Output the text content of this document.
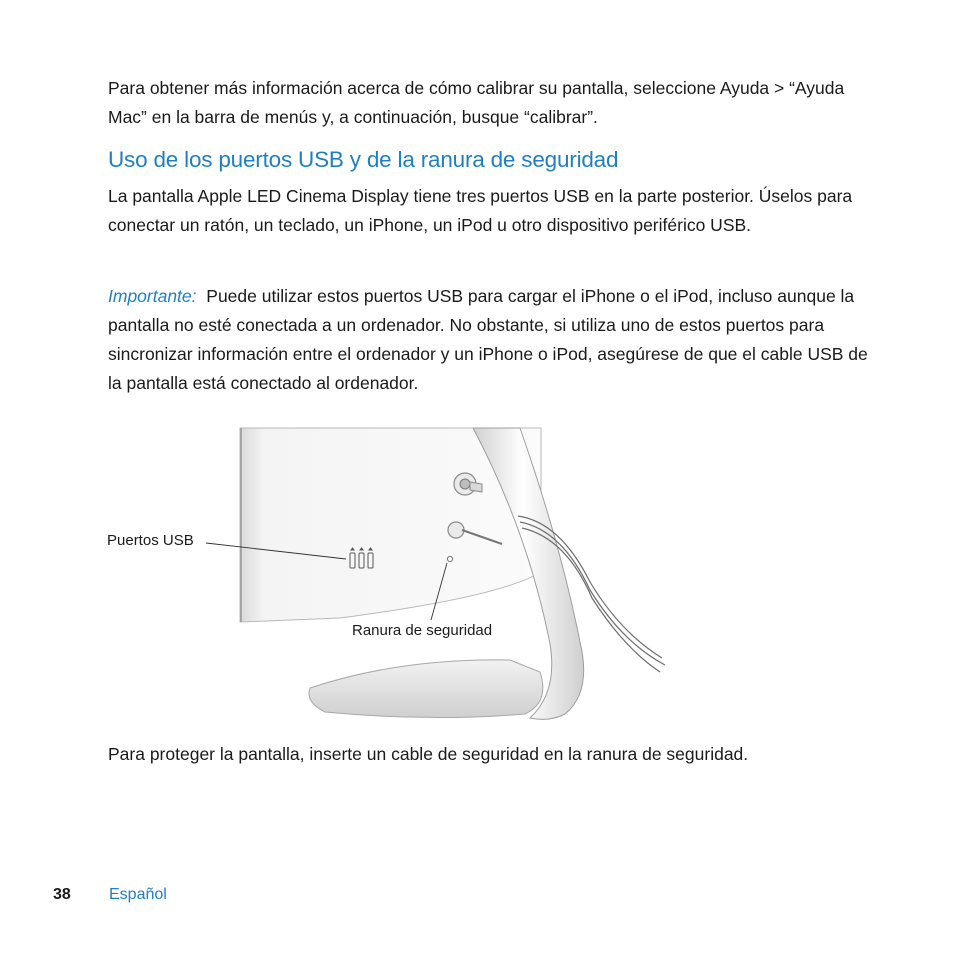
Para obtener más información acerca de cómo calibrar su pantalla, seleccione Ayuda > “Ayuda Mac” en la barra de menús y, a continuación, busque “calibrar”.

Uso de los puertos USB y de la ranura de seguridad

La pantalla Apple LED Cinema Display tiene tres puertos USB en la parte posterior. Úselos para conectar un ratón, un teclado, un iPhone, un iPod u otro dispositivo periférico USB.

Importante: Puede utilizar estos puertos USB para cargar el iPhone o el iPod, incluso aunque la pantalla no esté conectada a un ordenador. No obstante, si utiliza uno de estos puertos para sincronizar información entre el ordenador y un iPhone o iPod, asegúrese de que el cable USB de la pantalla está conectado al ordenador.

Puertos USB
Ranura de seguridad

Para proteger la pantalla, inserte un cable de seguridad en la ranura de seguridad.

38 Español
